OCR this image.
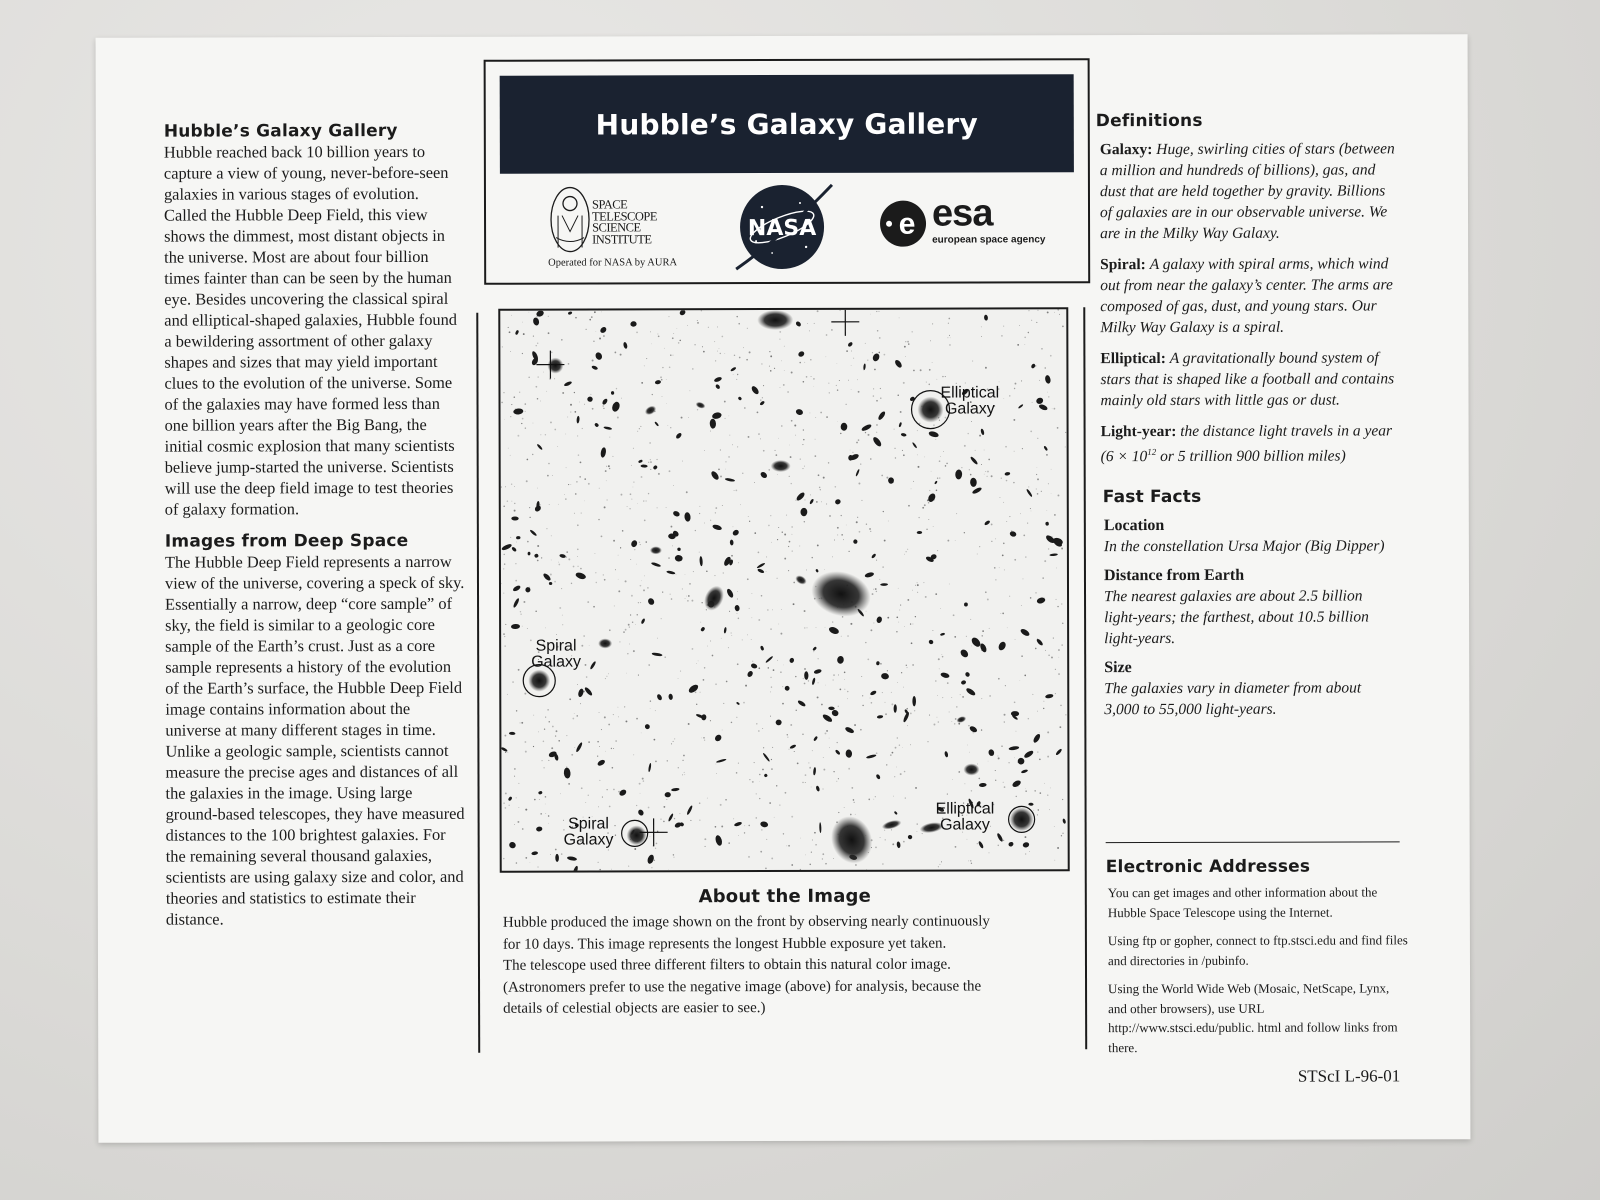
Hubble’s Galaxy Gallery

Hubble reached back 10 billion years to capture a view of young, never-before-seen galaxies in various stages of evolution. Called the Hubble Deep Field, this view shows the dimmest, most distant objects in the universe. Most are about four billion times fainter than can be seen by the human eye. Besides uncovering the classical spiral and elliptical-shaped galaxies, Hubble found a bewildering assortment of other galaxy shapes and sizes that may yield important clues to the evolution of the universe. Some of the galaxies may have formed less than one billion years after the Big Bang, the initial cosmic explosion that many scientists believe jump-started the universe. Scientists will use the deep field image to test theories of galaxy formation.

Images from Deep Space

The Hubble Deep Field represents a narrow view of the universe, covering a speck of sky. Essentially a narrow, deep “core sample” of sky, the field is similar to a geologic core sample of the Earth’s crust. Just as a core sample represents a history of the evolution of the Earth’s surface, the Hubble Deep Field image contains information about the universe at many different stages in time. Unlike a geologic sample, scientists cannot measure the precise ages and distances of all the galaxies in the image. Using large ground-based telescopes, they have measured distances to the 100 brightest galaxies. For the remaining several thousand galaxies, scientists are using galaxy size and color, and theories and statistics to estimate their distance.

Hubble’s Galaxy Gallery
SPACE
TELESCOPE
SCIENCE
INSTITUTE
Operated for NASA by AURA
NASA	e esa
european space agency
Elliptical
Galaxy
Spiral
Galaxy
Spiral
Galaxy
Elliptical
Galaxy
About the Image
Hubble produced the image shown on the front by observing nearly continuously
for 10 days. This image represents the longest Hubble exposure yet taken.
The telescope used three different filters to obtain this natural color image.
(Astronomers prefer to use the negative image (above) for analysis, because the
details of celestial objects are easier to see.)
Definitions
Galaxy: Huge, swirling cities of stars (between a million and hundreds of billions), gas, and dust that are held together by gravity. Billions of galaxies are in our observable universe. We are in the Milky Way Galaxy.
Spiral: A galaxy with spiral arms, which wind out from near the galaxy’s center. The arms are composed of gas, dust, and young stars. Our Milky Way Galaxy is a spiral.
Elliptical: A gravitationally bound system of stars that is shaped like a football and contains mainly old stars with little gas or dust.
Light-year: the distance light travels in a year ($6 \times 10^{12}$ or 5 trillion 900 billion miles)
Fast Facts
Location
In the constellation Ursa Major (Big Dipper)
Distance from Earth
The nearest galaxies are about 2.5 billion light-years; the farthest, about 10.5 billion light-years.
Size
The galaxies vary in diameter from about 3,000 to 55,000 light-years.
Electronic Addresses

You can get images and other information about the Hubble Space Telescope using the Internet.

Using ftp or gopher, connect to ftp.stsci.edu and find files and directories in /pubinfo.

Using the World Wide Web (Mosaic, NetScape, Lynx, and other browsers), use URL http://www.stsci.edu/public. html and follow links from there.

STScI L-96-01
